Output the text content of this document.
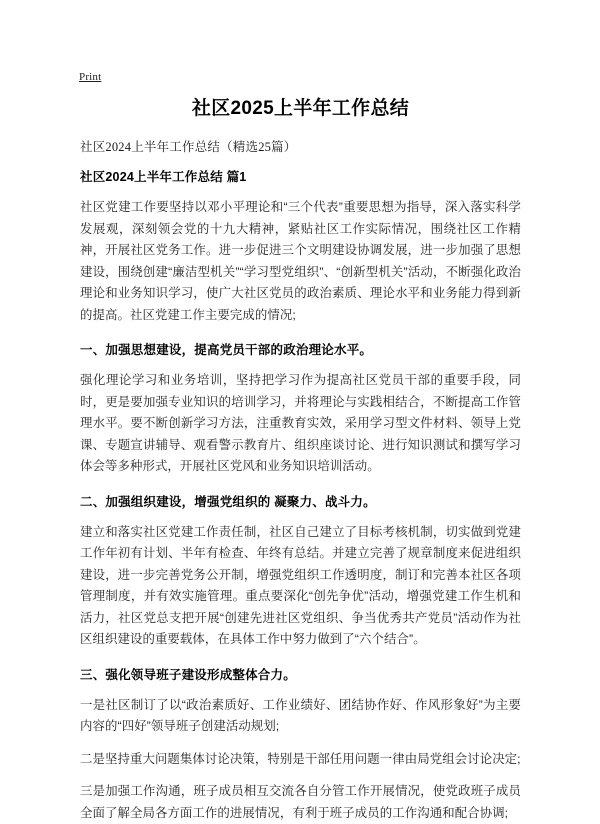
Print
社区2025上半年工作总结

社区2024上半年工作总结（精选25篇）

社区2024上半年工作总结 篇1

社区党建工作要坚持以邓小平理论和“三个代表”重要思想为指导，深入落实科学发展观，深刻领会党的十九大精神，紧贴社区工作实际情况，围绕社区工作精神，开展社区党务工作。进一步促进三个文明建设协调发展，进一步加强了思想建设，围绕创建“廉洁型机关”“学习型党组织”、“创新型机关”活动，不断强化政治理论和业务知识学习，使广大社区党员的政治素质、理论水平和业务能力得到新的提高。社区党建工作主要完成的情况;

一、加强思想建设，提高党员干部的政治理论水平。

强化理论学习和业务培训，坚持把学习作为提高社区党员干部的重要手段，同时，更是要加强专业知识的培训学习，并将理论与实践相结合，不断提高工作管理水平。要不断创新学习方法，注重教育实效，采用学习型文件材料、领导上党课、专题宣讲辅导、观看警示教育片、组织座谈讨论、进行知识测试和撰写学习体会等多种形式，开展社区党风和业务知识培训活动。

二、加强组织建设，增强党组织的 凝聚力、战斗力。

建立和落实社区党建工作责任制，社区自己建立了目标考核机制，切实做到党建工作年初有计划、半年有检查、年终有总结。并建立完善了规章制度来促进组织建设，进一步完善党务公开制，增强党组织工作透明度，制订和完善本社区各项管理制度，并有效实施管理。重点要深化“创先争优”活动，增强党建工作生机和活力，社区党总支把开展“创建先进社区党组织、争当优秀共产党员”活动作为社区组织建设的重要载体，在具体工作中努力做到了“六个结合”。

三、强化领导班子建设形成整体合力。

一是社区制订了以“政治素质好、工作业绩好、团结协作好、作风形象好”为主要内容的“四好”领导班子创建活动规划;

二是坚持重大问题集体讨论决策，特别是干部任用问题一律由局党组会讨论决定;

三是加强工作沟通，班子成员相互交流各自分管工作开展情况，使党政班子成员全面了解全局各方面工作的进展情况，有利于班子成员的工作沟通和配合协调;
